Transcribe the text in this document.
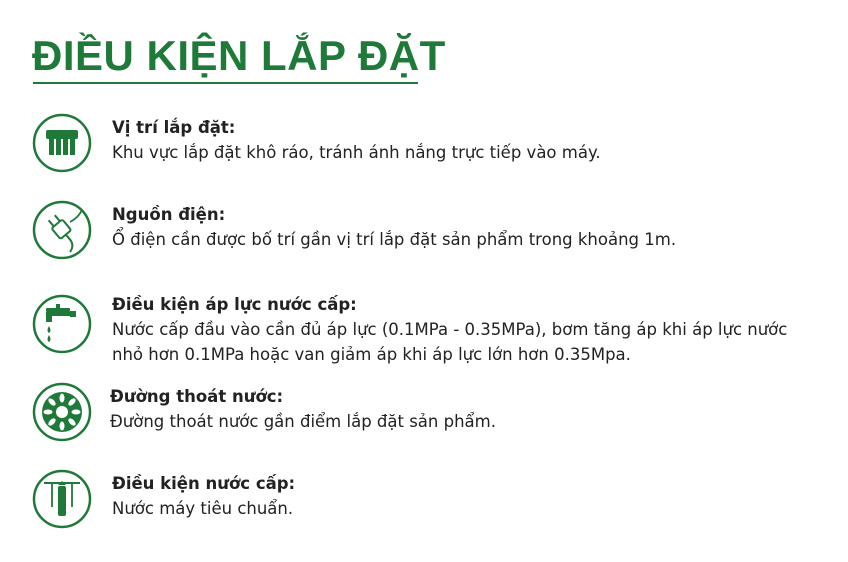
ĐIỀU KIỆN LẮP ĐẶT
Vị trí lắp đặt:
Khu vực lắp đặt khô ráo, tránh ánh nắng trực tiếp vào máy.
Nguồn điện:
Ổ điện cần được bố trí gần vị trí lắp đặt sản phẩm trong khoảng 1m.
Điều kiện áp lực nước cấp:
Nước cấp đầu vào cần đủ áp lực (0.1MPa - 0.35MPa), bơm tăng áp khi áp lực nước
nhỏ hơn 0.1MPa hoặc van giảm áp khi áp lực lớn hơn 0.35Mpa.
Đường thoát nước:
Đường thoát nước gần điểm lắp đặt sản phẩm.
Điều kiện nước cấp:
Nước máy tiêu chuẩn.
